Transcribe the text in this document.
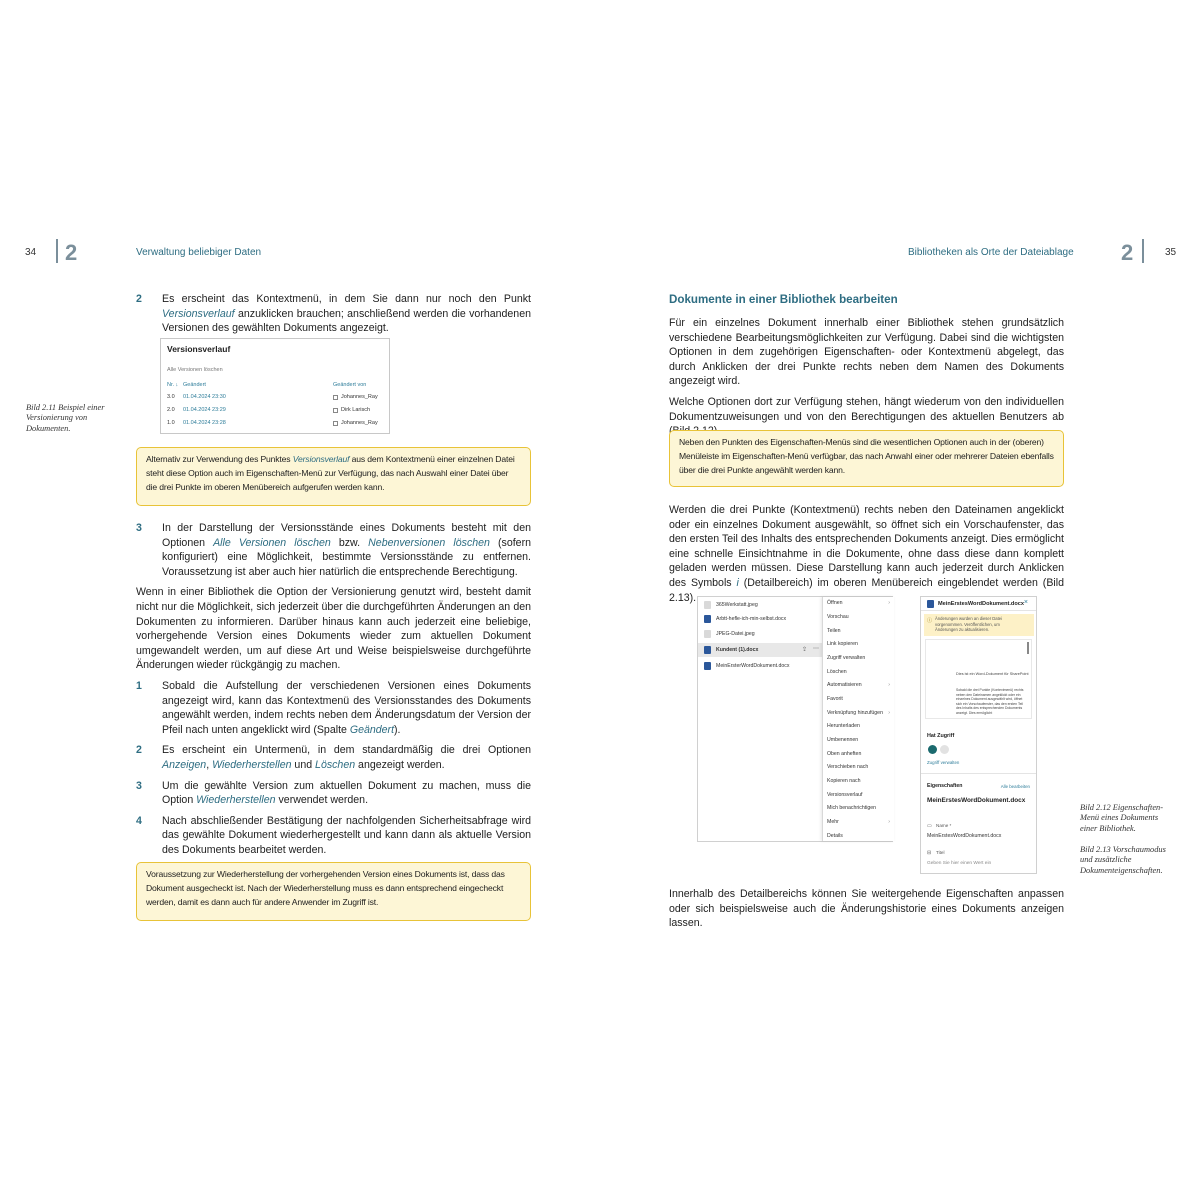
34 2	Verwaltung beliebiger Daten
2 Es erscheint das Kontextmenü, in dem Sie dann nur noch den Punkt Versionsverlauf anzuklicken brauchen; anschließend werden die vorhandenen Versionen des gewählten Dokuments angezeigt.
Versionsverlauf
Alle Versionen löschen
Nr. ↓ Geändert	Geändert von
3.0 01.04.2024 23:30	Johannes_Ray
2.0 01.04.2024 23:29	Dirk Larisch
1.0 01.04.2024 23:28	Johannes_Ray
Bild 2.11 Beispiel einer Versionierung von Dokumenten.
Alternativ zur Verwendung des Punktes Versionsverlauf aus dem Kontextmenü einer einzelnen Datei steht diese Option auch im Eigenschaften-Menü zur Verfügung, das nach Auswahl einer Datei über die drei Punkte im oberen Menübereich aufgerufen werden kann.
3 In der Darstellung der Versionsstände eines Dokuments besteht mit den Optionen Alle Versionen löschen bzw. Nebenversionen löschen (sofern konfiguriert) eine Möglichkeit, bestimmte Versionsstände zu entfernen. Voraussetzung ist aber auch hier natürlich die entsprechende Berechtigung.

Wenn in einer Bibliothek die Option der Versionierung genutzt wird, besteht damit nicht nur die Möglichkeit, sich jederzeit über die durchgeführten Änderungen an den Dokumenten zu informieren. Darüber hinaus kann auch jederzeit eine beliebige, vorhergehende Version eines Dokuments wieder zum aktuellen Dokument umgewandelt werden, um auf diese Art und Weise beispielsweise durchgeführte Änderungen wieder rückgängig zu machen.

1 Sobald die Aufstellung der verschiedenen Versionen eines Dokuments angezeigt wird, kann das Kontextmenü des Versionsstandes des Dokuments angewählt werden, indem rechts neben dem Änderungsdatum der Version der Pfeil nach unten angeklickt wird (Spalte Geändert).
2 Es erscheint ein Untermenü, in dem standardmäßig die drei Optionen Anzeigen, Wiederherstellen und Löschen angezeigt werden.
3 Um die gewählte Version zum aktuellen Dokument zu machen, muss die Option Wiederherstellen verwendet werden.
4 Nach abschließender Bestätigung der nachfolgenden Sicherheitsabfrage wird das gewählte Dokument wiederhergestellt und kann dann als aktuelle Version des Dokuments bearbeitet werden.
Voraussetzung zur Wiederherstellung der vorhergehenden Version eines Dokuments ist, dass das Dokument ausgecheckt ist. Nach der Wiederherstellung muss es dann entsprechend eingecheckt werden, damit es dann auch für andere Anwender im Zugriff ist.
Bibliotheken als Orte der Dateiablage 2	35
Dokumente in einer Bibliothek bearbeiten

Für ein einzelnes Dokument innerhalb einer Bibliothek stehen grundsätzlich verschiedene Bearbeitungsmöglichkeiten zur Verfügung. Dabei sind die wichtigsten Optionen in dem zugehörigen Eigenschaften- oder Kontextmenü abgelegt, das durch Anklicken der drei Punkte rechts neben dem Namen des Dokuments angezeigt wird.

Welche Optionen dort zur Verfügung stehen, hängt wiederum von den individuellen Dokumentzuweisungen und von den Berechtigungen des aktuellen Benutzers ab

Neben den Punkten des Eigenschaften-Menüs sind die wesentlichen Optionen auch in der (oberen) Menüleiste im Eigenschaften-Menü verfügbar, das nach Anwahl einer oder mehrerer Dateien ebenfalls über die drei Punkte angewählt werden kann.

Werden die drei Punkte (Kontextmenü) rechts neben den Dateinamen angeklickt oder ein einzelnes Dokument ausgewählt, so öffnet sich ein Vorschaufenster, das den ersten Teil des Inhalts des entsprechenden Dokuments anzeigt. Dies ermöglicht eine schnelle Einsichtnahme in die Dokumente, ohne dass diese dann komplett geladen werden müssen. Diese Darstellung kann auch jederzeit durch Anklicken des Symbols i (Detailbereich) im oberen Menübereich eingeblendet werden (Bild 2.13).

365Werkstatt.jpeg
Arbtt-hefle-ich-min-selbst.docx
JPEG-Datei.jpeg
Kundent (1).docx	⇪ ⋯
MeinErsterWordDokument.docx
Öffnen	›
Vorschau
Teilen
Link kopieren
Zugriff verwalten
Löschen
Automatisieren	›
Favorit
Verknüpfung hinzufügen ›
Herunterladen
Umbenennen
Oben anheften
Verschieben nach
Kopieren nach
Versionsverlauf
Mich benachrichtigen
Mehr	›
Details
MeinErstesWordDokument.docx ×
ⓘ Änderungen wurden an dieser Datei vorgenommen. Veröffentlichen, um Änderungen zu aktualisieren.
Dies ist ein Word-Dokument für SharePoint
Sobald die drei Punkte (Kontextmenü) rechts neben den Dateinamen angeklickt oder ein einzelnes Dokument ausgewählt wird, öffnet sich ein Vorschaufenster, das den ersten Teil des Inhalts des entsprechenden Dokuments anzeigt. Dies ermöglicht
Hat Zugriff
Zugriff verwalten
Eigenschaften	Alle bearbeiten
MeinErstesWordDokument.docx
▭ Name *
MeinErstesWordDokument.docx
⊟ Titel
Geben Sie hier einen Wert ein
Bild 2.12 Eigenschaften-Menü eines Dokuments einer Bibliothek.
Bild 2.13 Vorschaumodus und zusätzliche Dokumenteigenschaften.

Innerhalb des Detailbereichs können Sie weitergehende Eigenschaften anpassen oder sich beispielsweise auch die Änderungshistorie eines Dokuments anzeigen lassen.
